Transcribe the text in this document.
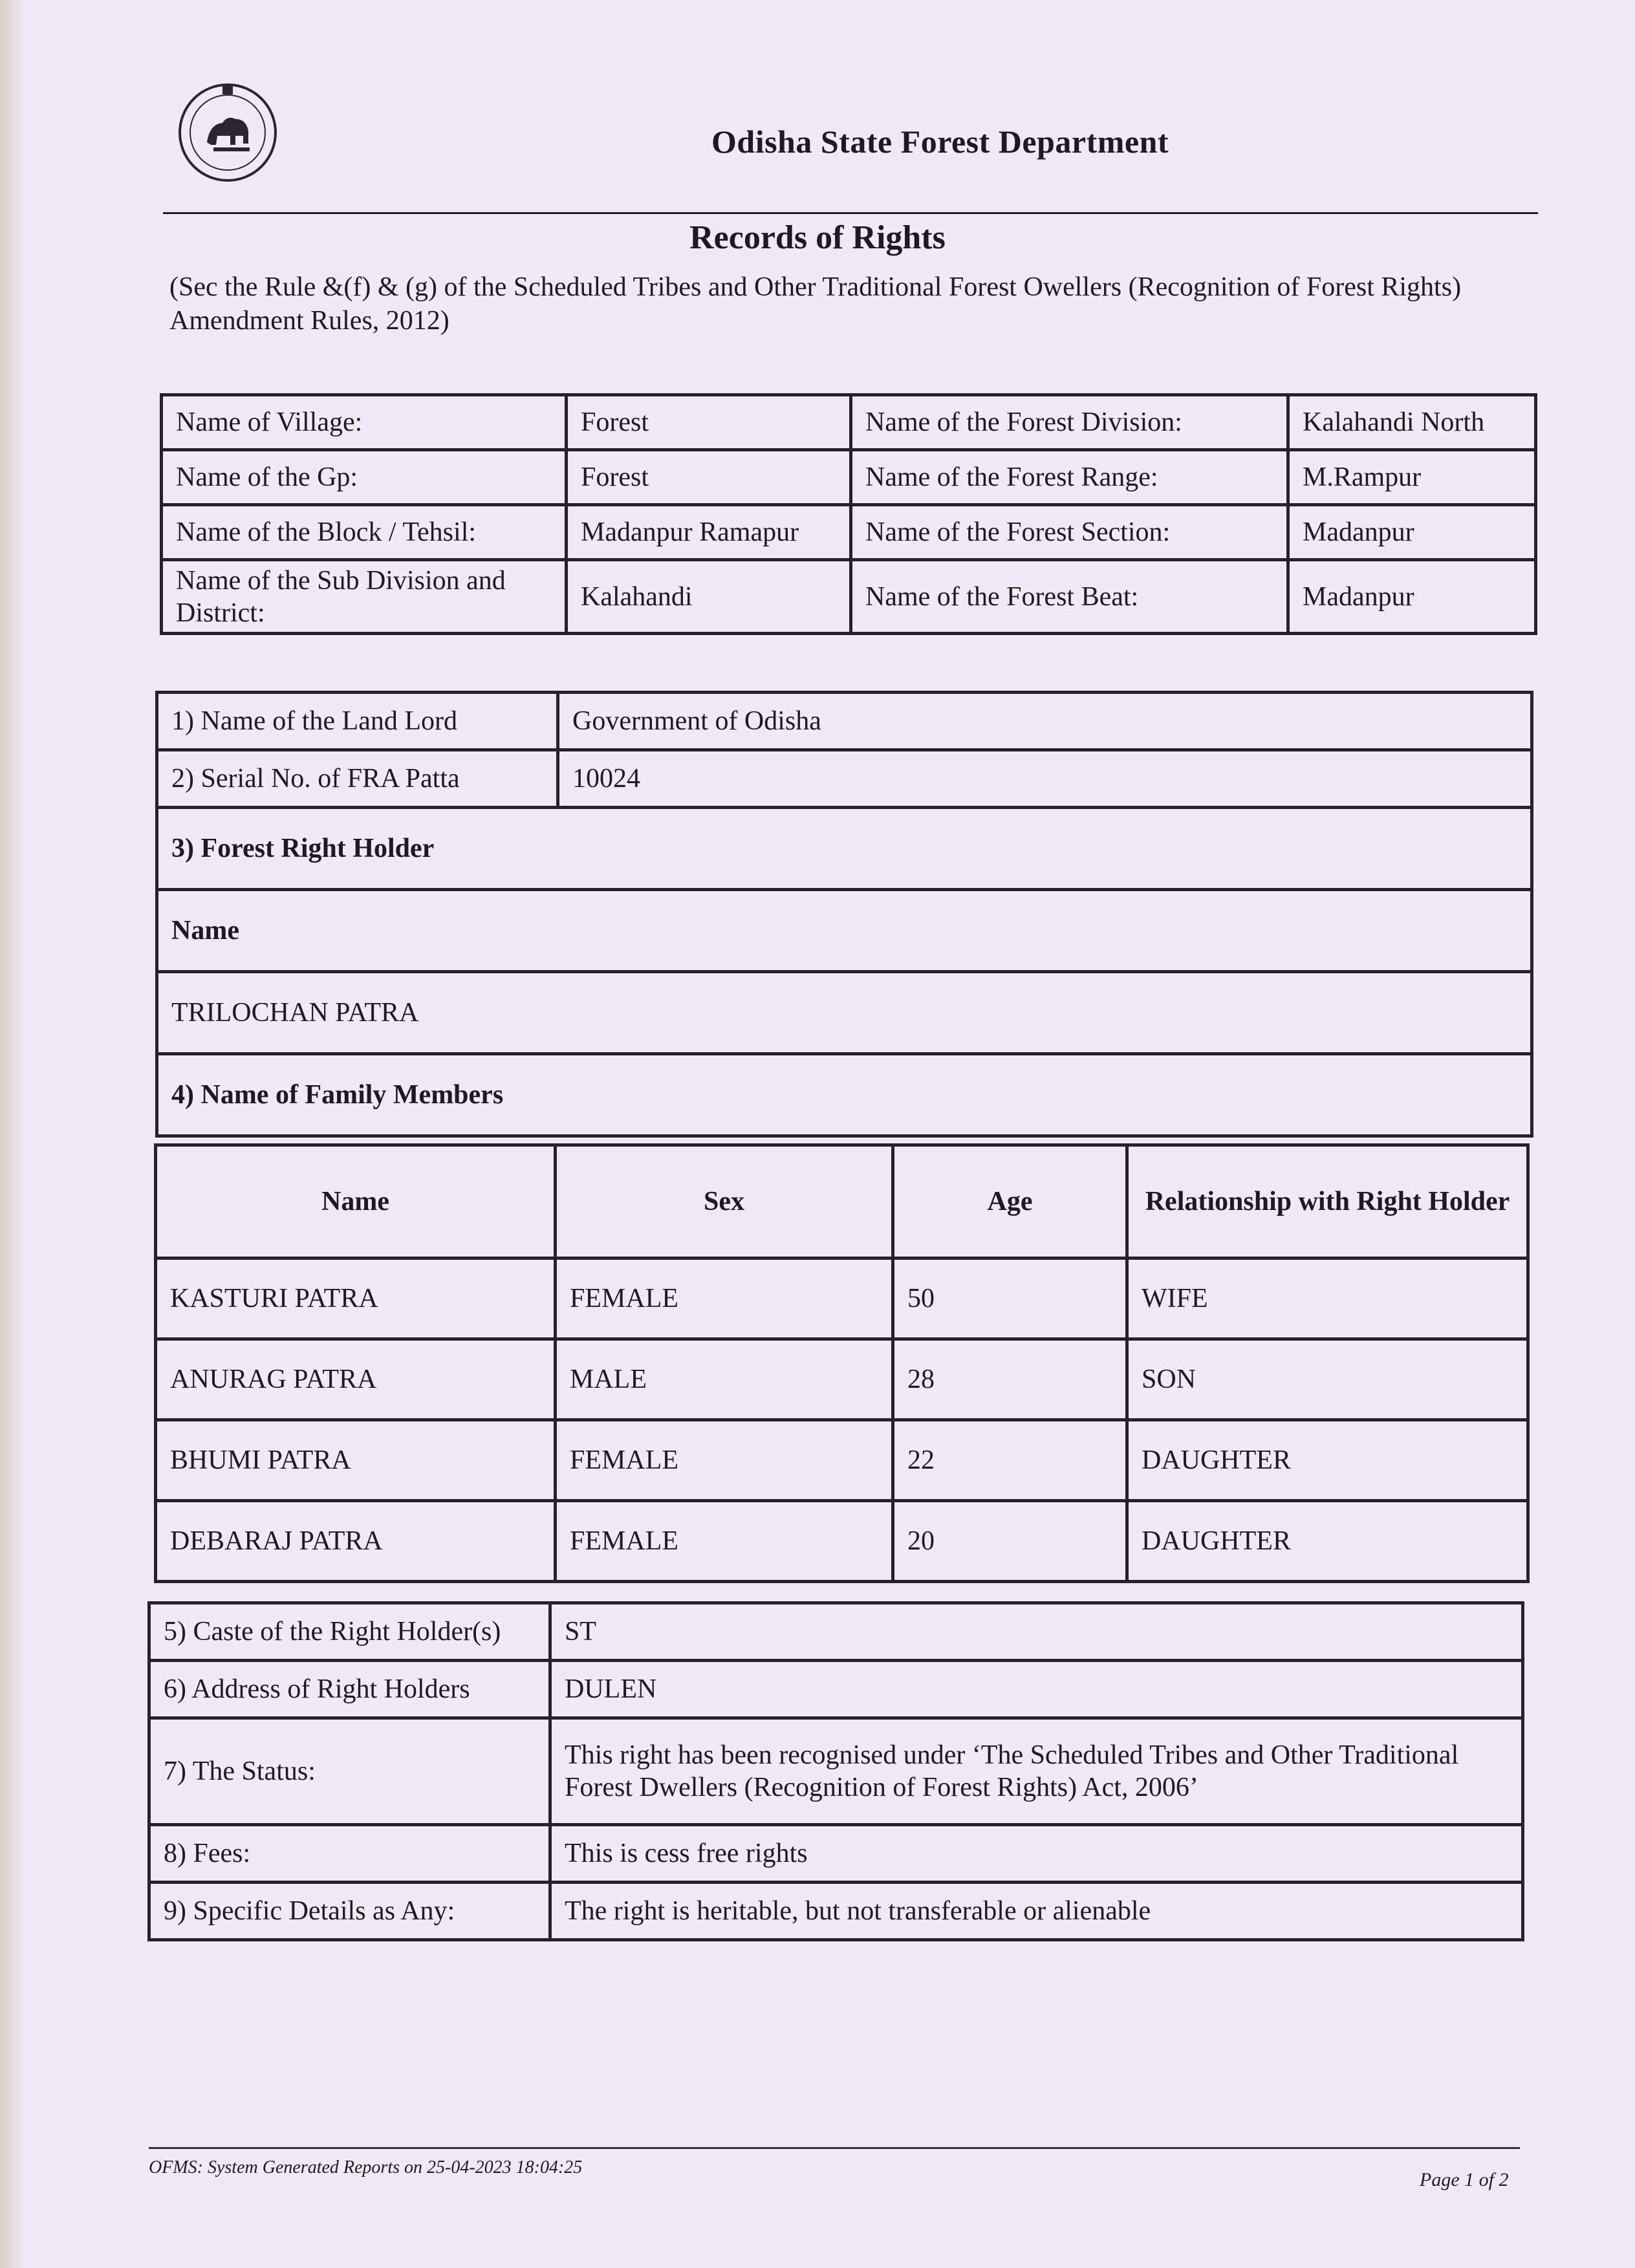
Odisha State Forest Department
Records of Rights
(Sec the Rule &(f) & (g) of the Scheduled Tribes and Other Traditional Forest Owellers (Recognition of Forest Rights) Amendment Rules, 2012)
Name of Village:	Forest	Name of the Forest Division:	Kalahandi North
Name of the Gp:	Forest	Name of the Forest Range:	M.Rampur
Name of the Block / Tehsil:	Madanpur Ramapur	Name of the Forest Section:	Madanpur
Name of the Sub Division and District:	Kalahandi	Name of the Forest Beat:	Madanpur
1) Name of the Land Lord	Government of Odisha
2) Serial No. of FRA Patta	10024
3) Forest Right Holder	
Name	
TRILOCHAN PATRA	
4) Name of Family Members	
Name	Sex	Age	Relationship with Right Holder
KASTURI PATRA	FEMALE	50	WIFE
ANURAG PATRA	MALE	28	SON
BHUMI PATRA	FEMALE	22	DAUGHTER
DEBARAJ PATRA	FEMALE	20	DAUGHTER
5) Caste of the Right Holder(s)	ST
6) Address of Right Holders	DULEN
7) The Status:	This right has been recognised under ‘The Scheduled Tribes and Other Traditional Forest Dwellers (Recognition of Forest Rights) Act, 2006’
8) Fees:	This is cess free rights
9) Specific Details as Any:	The right is heritable, but not transferable or alienable
OFMS: System Generated Reports on 25-04-2023 18:04:25
Page 1 of 2
